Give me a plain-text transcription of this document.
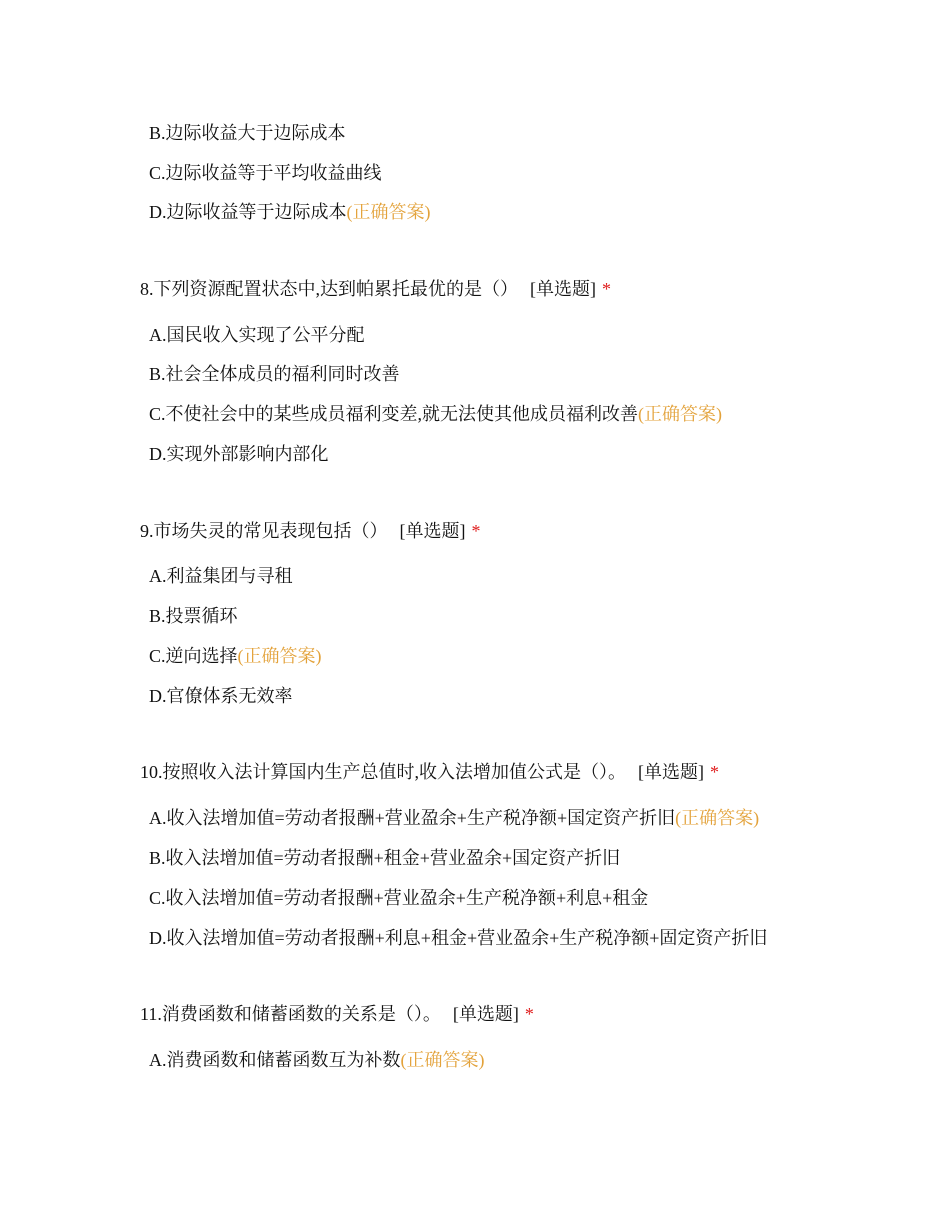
B.边际收益大于边际成本
C.边际收益等于平均收益曲线
D.边际收益等于边际成本(正确答案)
8.下列资源配置状态中,达到帕累托最优的是（） [单选题] *
A.国民收入实现了公平分配
B.社会全体成员的福利同时改善
C.不使社会中的某些成员福利变差,就无法使其他成员福利改善(正确答案)
D.实现外部影响内部化
9.市场失灵的常见表现包括（） [单选题] *
A.利益集团与寻租
B.投票循环
C.逆向选择(正确答案)
D.官僚体系无效率
10.按照收入法计算国内生产总值时,收入法增加值公式是（）。 [单选题] *
A.收入法增加值=劳动者报酬+营业盈余+生产税净额+国定资产折旧(正确答案)
B.收入法增加值=劳动者报酬+租金+营业盈余+国定资产折旧
C.收入法增加值=劳动者报酬+营业盈余+生产税净额+利息+租金
D.收入法增加值=劳动者报酬+利息+租金+营业盈余+生产税净额+固定资产折旧
11.消费函数和储蓄函数的关系是（）。 [单选题] *
A.消费函数和储蓄函数互为补数(正确答案)
